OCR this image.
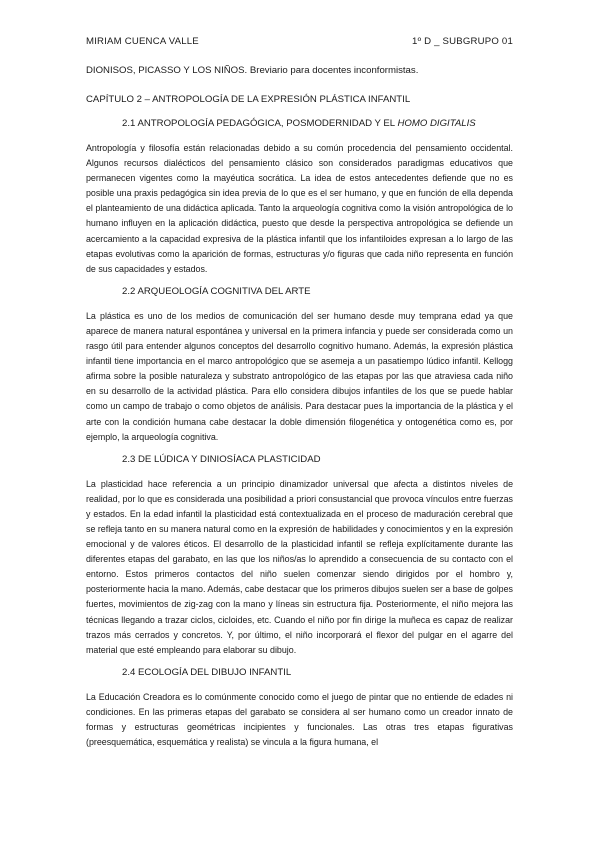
MIRIAM CUENCA VALLE	1º D _ SUBGRUPO 01
DIONISOS, PICASSO Y LOS NIÑOS. Breviario para docentes inconformistas.
CAPÍTULO 2 – ANTROPOLOGÍA DE LA EXPRESIÓN PLÁSTICA INFANTIL
2.1 ANTROPOLOGÍA PEDAGÓGICA, POSMODERNIDAD Y EL HOMO DIGITALIS

Antropología y filosofía están relacionadas debido a su común procedencia del pensamiento occidental. Algunos recursos dialécticos del pensamiento clásico son considerados paradigmas educativos que permanecen vigentes como la mayéutica socrática. La idea de estos antecedentes defiende que no es posible una praxis pedagógica sin idea previa de lo que es el ser humano, y que en función de ella dependa el planteamiento de una didáctica aplicada. Tanto la arqueología cognitiva como la visión antropológica de lo humano influyen en la aplicación didáctica, puesto que desde la perspectiva antropológica se defiende un acercamiento a la capacidad expresiva de la plástica infantil que los infantiloides expresan a lo largo de las etapas evolutivas como la aparición de formas, estructuras y/o figuras que cada niño representa en función de sus capacidades y estados.

2.2 ARQUEOLOGÍA COGNITIVA DEL ARTE

La plástica es uno de los medios de comunicación del ser humano desde muy temprana edad ya que aparece de manera natural espontánea y universal en la primera infancia y puede ser considerada como un rasgo útil para entender algunos conceptos del desarrollo cognitivo humano. Además, la expresión plástica infantil tiene importancia en el marco antropológico que se asemeja a un pasatiempo lúdico infantil. Kellogg afirma sobre la posible naturaleza y substrato antropológico de las etapas por las que atraviesa cada niño en su desarrollo de la actividad plástica. Para ello considera dibujos infantiles de los que se puede hablar como un campo de trabajo o como objetos de análisis. Para destacar pues la importancia de la plástica y el arte con la condición humana cabe destacar la doble dimensión filogenética y ontogenética como es, por ejemplo, la arqueología cognitiva.

2.3 DE LÚDICA Y DINIOSÍACA PLASTICIDAD

La plasticidad hace referencia a un principio dinamizador universal que afecta a distintos niveles de realidad, por lo que es considerada una posibilidad a priori consustancial que provoca vínculos entre fuerzas y estados. En la edad infantil la plasticidad está contextualizada en el proceso de maduración cerebral que se refleja tanto en su manera natural como en la expresión de habilidades y conocimientos y en la expresión emocional y de valores éticos. El desarrollo de la plasticidad infantil se refleja explícitamente durante las diferentes etapas del garabato, en las que los niños/as lo aprendido a consecuencia de su contacto con el entorno. Estos primeros contactos del niño suelen comenzar siendo dirigidos por el hombro y, posteriormente hacia la mano. Además, cabe destacar que los primeros dibujos suelen ser a base de golpes fuertes, movimientos de zig-zag con la mano y líneas sin estructura fija. Posteriormente, el niño mejora las técnicas llegando a trazar ciclos, cicloides, etc. Cuando el niño por fin dirige la muñeca es capaz de realizar trazos más cerrados y concretos. Y, por último, el niño incorporará el flexor del pulgar en el agarre del material que esté empleando para elaborar su dibujo.

2.4 ECOLOGÍA DEL DIBUJO INFANTIL

La Educación Creadora es lo comúnmente conocido como el juego de pintar que no entiende de edades ni condiciones. En las primeras etapas del garabato se considera al ser humano como un creador innato de formas y estructuras geométricas incipientes y funcionales. Las otras tres etapas figurativas (preesquemática, esquemática y realista) se vincula a la figura humana, el
